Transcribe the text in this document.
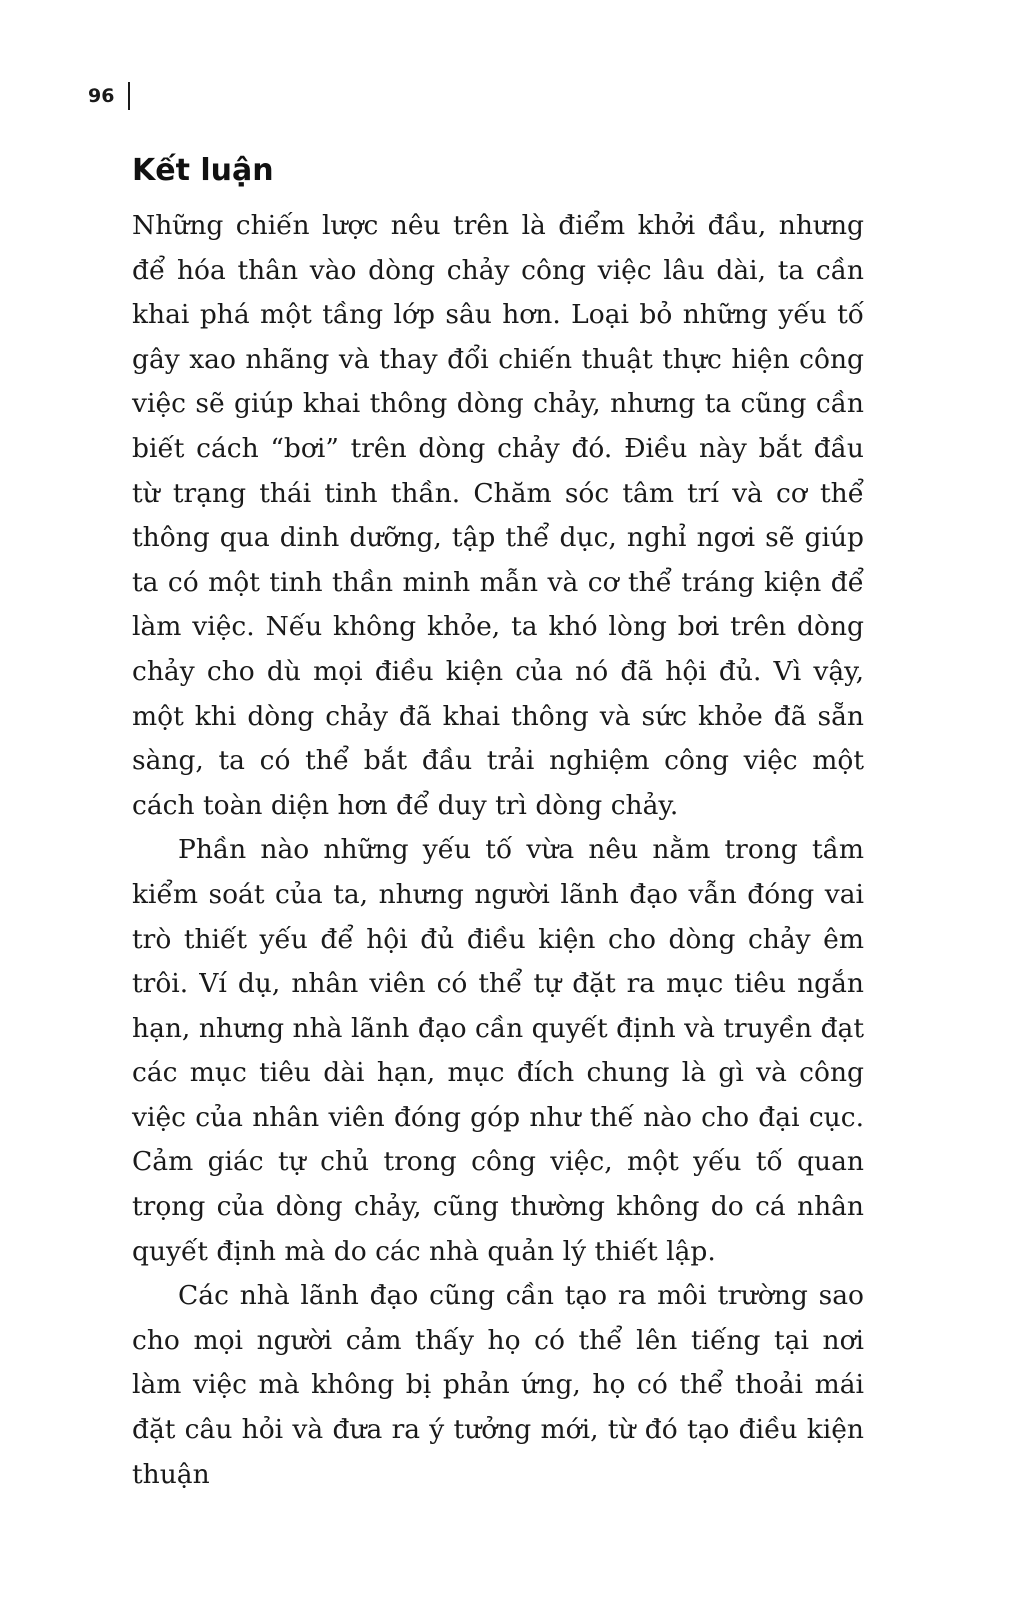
96
Kết luận

Những chiến lược nêu trên là điểm khởi đầu, nhưng để hóa thân vào dòng chảy công việc lâu dài, ta cần khai phá một tầng lớp sâu hơn. Loại bỏ những yếu tố gây xao nhãng và thay đổi chiến thuật thực hiện công việc sẽ giúp khai thông dòng chảy, nhưng ta cũng cần biết cách “bơi” trên dòng chảy đó. Điều này bắt đầu từ trạng thái tinh thần. Chăm sóc tâm trí và cơ thể thông qua dinh dưỡng, tập thể dục, nghỉ ngơi sẽ giúp ta có một tinh thần minh mẫn và cơ thể tráng kiện để làm việc. Nếu không khỏe, ta khó lòng bơi trên dòng chảy cho dù mọi điều kiện của nó đã hội đủ. Vì vậy, một khi dòng chảy đã khai thông và sức khỏe đã sẵn sàng, ta có thể bắt đầu trải nghiệm công việc một cách toàn diện hơn để duy trì dòng chảy.

Phần nào những yếu tố vừa nêu nằm trong tầm kiểm soát của ta, nhưng người lãnh đạo vẫn đóng vai trò thiết yếu để hội đủ điều kiện cho dòng chảy êm trôi. Ví dụ, nhân viên có thể tự đặt ra mục tiêu ngắn hạn, nhưng nhà lãnh đạo cần quyết định và truyền đạt các mục tiêu dài hạn, mục đích chung là gì và công việc của nhân viên đóng góp như thế nào cho đại cục. Cảm giác tự chủ trong công việc, một yếu tố quan trọng của dòng chảy, cũng thường không do cá nhân quyết định mà do các nhà quản lý thiết lập.

Các nhà lãnh đạo cũng cần tạo ra môi trường sao cho mọi người cảm thấy họ có thể lên tiếng tại nơi làm việc mà không bị phản ứng, họ có thể thoải mái đặt câu hỏi và đưa ra ý tưởng mới, từ đó tạo điều kiện thuận
